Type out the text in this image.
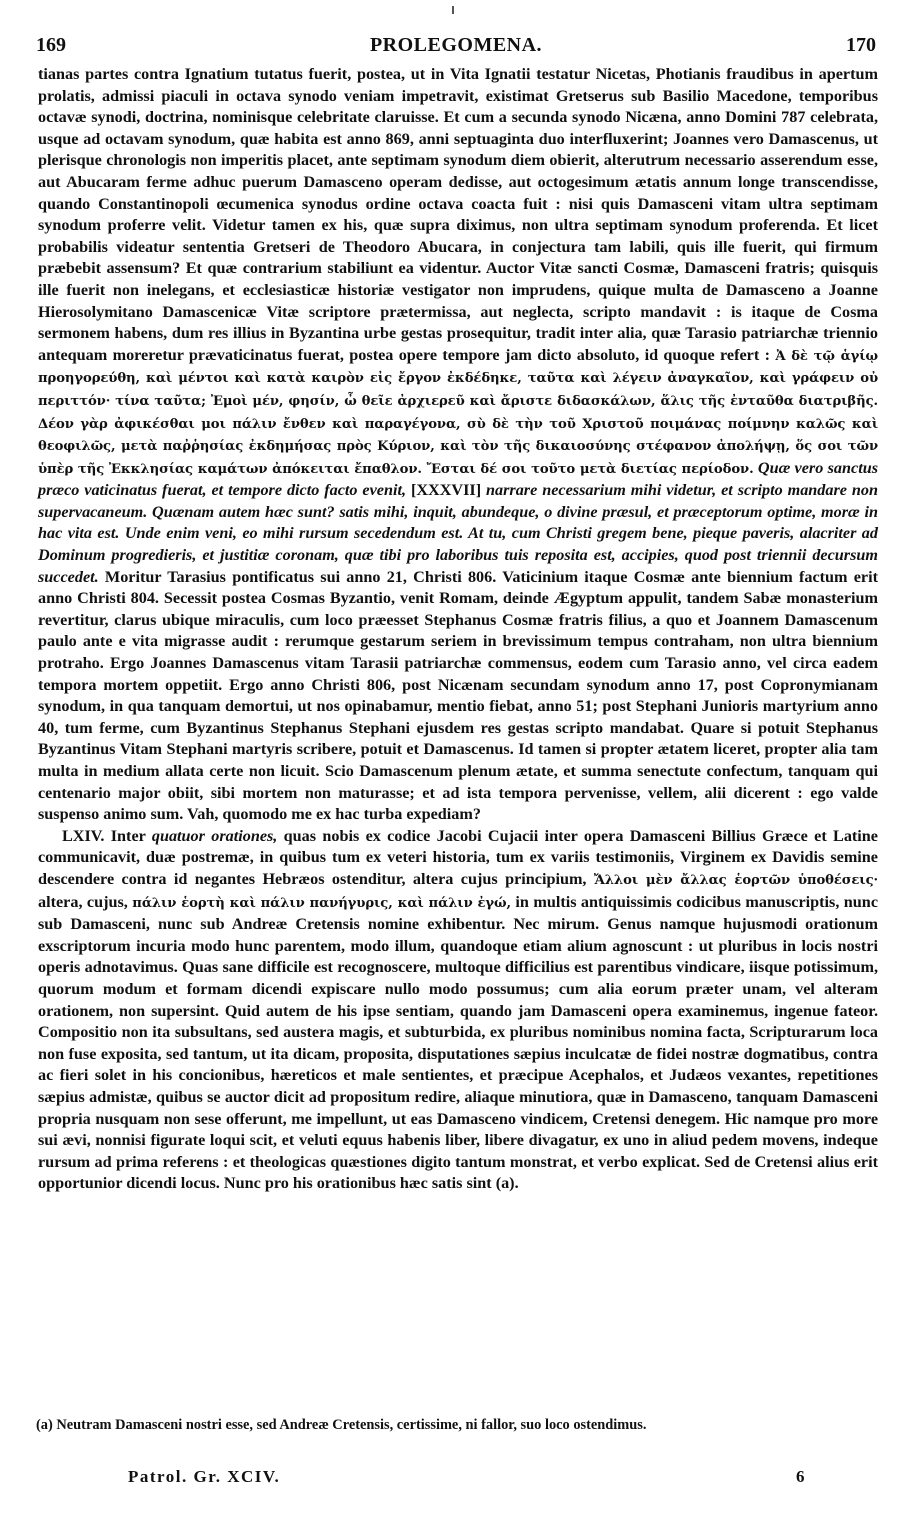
169	PROLEGOMENA.	170

tianas partes contra Ignatium tutatus fuerit, postea, ut in Vita Ignatii testatur Nicetas, Photianis fraudibus in apertum prolatis, admissi piaculi in octava synodo veniam impetravit, existimat Gretserus sub Basilio Macedone, temporibus octavæ synodi, doctrina, nominisque celebritate claruisse. Et cum a secunda synodo Nicæna, anno Domini 787 celebrata, usque ad octavam synodum, quæ habita est anno 869, anni septuaginta duo interfluxerint; Joannes vero Damascenus, ut plerisque chronologis non imperitis placet, ante septimam synodum diem obierit, alterutrum necessario asserendum esse, aut Abucaram ferme adhuc puerum Damasceno operam dedisse, aut octogesimum ætatis annum longe transcendisse, quando Constantinopoli œcumenica synodus ordine octava coacta fuit : nisi quis Damasceni vitam ultra septimam synodum proferre velit. Videtur tamen ex his, quæ supra diximus, non ultra septimam synodum proferenda. Et licet probabilis videatur sententia Gretseri de Theodoro Abucara, in conjectura tam labili, quis ille fuerit, qui firmum præbebit assensum? Et quæ contrarium stabiliunt ea videntur. Auctor Vitæ sancti Cosmæ, Damasceni fratris; quisquis ille fuerit non inelegans, et ecclesiasticæ historiæ vestigator non imprudens, quique multa de Damasceno a Joanne Hierosolymitano Damascenicæ Vitæ scriptore prætermissa, aut neglecta, scripto mandavit : is itaque de Cosma sermonem habens, dum res illius in Byzantina urbe gestas prosequitur, tradit inter alia, quæ Tarasio patriarchæ triennio antequam moreretur prævaticinatus fuerat, postea opere tempore jam dicto absoluto, id quoque refert : Ἀ δὲ τῷ ἁγίῳ προηγορεύθη, καὶ μέντοι καὶ κατὰ καιρὸν εἰς ἔργον ἐκδέδηκε, ταῦτα καὶ λέγειν ἀναγκαῖον, καὶ γράφειν οὐ περιττόν· τίνα ταῦτα; Ἐμοὶ μέν, φησίν, ὦ θεῖε ἀρχιερεῦ καὶ ἄριστε διδασκάλων, ἅλις τῆς ἐνταῦθα διατριβῆς. Δέον γὰρ ἀφικέσθαι μοι πάλιν ἔνθεν καὶ παραγέγονα, σὺ δὲ τὴν τοῦ Χριστοῦ ποιμάνας ποίμνην καλῶς καὶ θεοφιλῶς, μετὰ παῤῥησίας ἐκδημήσας πρὸς Κύριον, καὶ τὸν τῆς δικαιοσύνης στέφανον ἀπολήψῃ, ὅς σοι τῶν ὑπὲρ τῆς Ἐκκλησίας καμάτων ἀπόκειται ἔπαθλον. Ἔσται δέ σοι τοῦτο μετὰ διετίας περίοδον. Quæ vero sanctus præco vaticinatus fuerat, et tempore dicto facto evenit, [XXXVII] narrare necessarium mihi videtur, et scripto mandare non supervacaneum. Quænam autem hæc sunt? satis mihi, inquit, abundeque, o divine præsul, et præceptorum optime, moræ in hac vita est. Unde enim veni, eo mihi rursum secedendum est. At tu, cum Christi gregem bene, pieque paveris, alacriter ad Dominum progredieris, et justitiæ coronam, quæ tibi pro laboribus tuis reposita est, accipies, quod post triennii decursum succedet. Moritur Tarasius pontificatus sui anno 21, Christi 806. Vaticinium itaque Cosmæ ante biennium factum erit anno Christi 804. Secessit postea Cosmas Byzantio, venit Romam, deinde Ægyptum appulit, tandem Sabæ monasterium revertitur, clarus ubique miraculis, cum loco præesset Stephanus Cosmæ fratris filius, a quo et Joannem Damascenum paulo ante e vita migrasse audit : rerumque gestarum seriem in brevissimum tempus contraham, non ultra biennium protraho. Ergo Joannes Damascenus vitam Tarasii patriarchæ commensus, eodem cum Tarasio anno, vel circa eadem tempora mortem oppetiit. Ergo anno Christi 806, post Nicænam secundam synodum anno 17, post Copronymianam synodum, in qua tanquam demortui, ut nos opinabamur, mentio fiebat, anno 51; post Stephani Junioris martyrium anno 40, tum ferme, cum Byzantinus Stephanus Stephani ejusdem res gestas scripto mandabat. Quare si potuit Stephanus Byzantinus Vitam Stephani martyris scribere, potuit et Damascenus. Id tamen si propter ætatem liceret, propter alia tam multa in medium allata certe non licuit. Scio Damascenum plenum ætate, et summa senectute confectum, tanquam qui centenario major obiit, sibi mortem non maturasse; et ad ista tempora pervenisse, vellem, alii dicerent : ego valde suspenso animo sum. Vah, quomodo me ex hac turba expediam?

LXIV. Inter quatuor orationes, quas nobis ex codice Jacobi Cujacii inter opera Damasceni Billius Græce et Latine communicavit, duæ postremæ, in quibus tum ex veteri historia, tum ex variis testimoniis, Virginem ex Davidis semine descendere contra id negantes Hebræos ostenditur, altera cujus principium, Ἄλλοι μὲν ἄλλας ἑορτῶν ὑποθέσεις· altera, cujus, πάλιν ἑορτὴ καὶ πάλιν πανήγυρις, καὶ πάλιν ἐγώ, in multis antiquissimis codicibus manuscriptis, nunc sub Damasceni, nunc sub Andreæ Cretensis nomine exhibentur. Nec mirum. Genus namque hujusmodi orationum exscriptorum incuria modo hunc parentem, modo illum, quandoque etiam alium agnoscunt : ut pluribus in locis nostri operis adnotavimus. Quas sane difficile est recognoscere, multoque difficilius est parentibus vindicare, iisque potissimum, quorum modum et formam dicendi expiscare nullo modo possumus; cum alia eorum præter unam, vel alteram orationem, non supersint. Quid autem de his ipse sentiam, quando jam Damasceni opera examinemus, ingenue fateor. Compositio non ita subsultans, sed austera magis, et subturbida, ex pluribus nominibus nomina facta, Scripturarum loca non fuse exposita, sed tantum, ut ita dicam, proposita, disputationes sæpius inculcatæ de fidei nostræ dogmatibus, contra ac fieri solet in his concionibus, hæreticos et male sentientes, et præcipue Acephalos, et Judæos vexantes, repetitiones sæpius admistæ, quibus se auctor dicit ad propositum redire, aliaque minutiora, quæ in Damasceno, tanquam Damasceni propria nusquam non sese offerunt, me impellunt, ut eas Damasceno vindicem, Cretensi denegem. Hic namque pro more sui ævi, nonnisi figurate loqui scit, et veluti equus habenis liber, libere divagatur, ex uno in aliud pedem movens, indeque rursum ad prima referens : et theologicas quæstiones digito tantum monstrat, et verbo explicat. Sed de Cretensi alius erit opportunior dicendi locus. Nunc pro his orationibus hæc satis sint (a).

(a) Neutram Damasceni nostri esse, sed Andreæ Cretensis, certissime, ni fallor, suo loco ostendimus.
Patrol. Gr. XCIV.	6
